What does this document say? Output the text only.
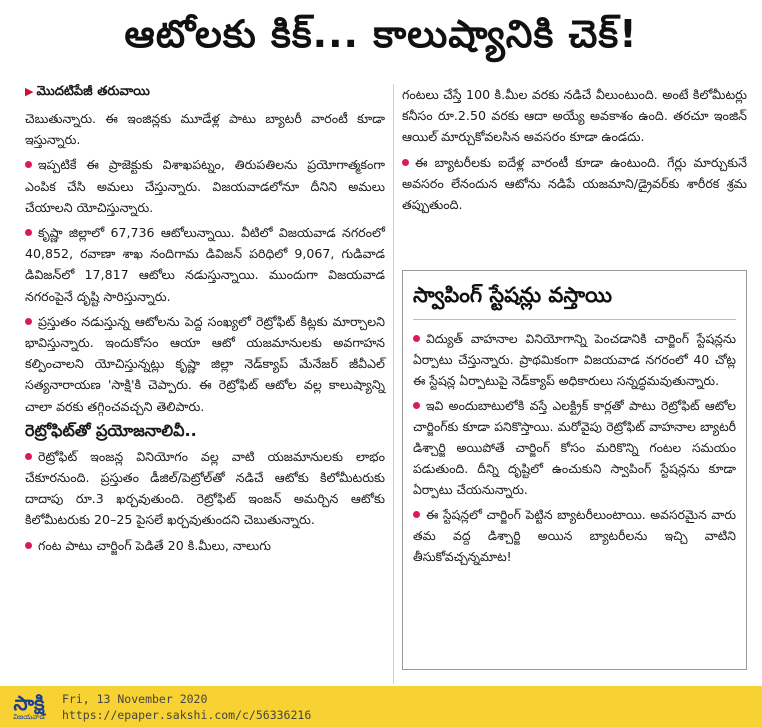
ఆటోలకు కిక్... కాలుష్యానికి చెక్!
▶ మొదటిపేజీ తరువాయి

చెబుతున్నారు. ఈ ఇంజిన్లకు మూడేళ్ల పాటు బ్యాటరీ వారంటీ కూడా ఇస్తున్నారు.

ఇప్పటికే ఈ ప్రాజెక్టుకు విశాఖపట్నం, తిరుపతిలను ప్రయోగాత్మకంగా ఎంపిక చేసి అమలు చేస్తున్నారు. విజయవాడలోనూ దీనిని అమలు చేయాలని యోచిస్తున్నారు.

కృష్ణా జిల్లాలో 67,736 ఆటోలున్నాయి. వీటిలో విజయవాడ నగరంలో 40,852, రవాణా శాఖ నందిగామ డివిజన్ పరిధిలో 9,067, గుడివాడ డివిజన్‌లో 17,817 ఆటోలు నడుస్తున్నాయి. ముందుగా విజయవాడ నగరంపైనే దృష్టి సారిస్తున్నారు.

ప్రస్తుతం నడుస్తున్న ఆటోలను పెద్ద సంఖ్యలో రెట్రోఫిట్ కిట్లకు మార్చాలని భావిస్తున్నారు. ఇందుకోసం ఆయా ఆటో యజమానులకు అవగాహన కల్పించాలని యోచిస్తున్నట్లు కృష్ణా జిల్లా నెడ్‌క్యాప్ మేనేజర్ జీవీఎల్ సత్యనారాయణ 'సాక్షి'కి చెప్పారు. ఈ రెట్రోఫిట్ ఆటోల వల్ల కాలుష్యాన్ని చాలా వరకు తగ్గించవచ్చని తెలిపారు.

రెట్రోఫిట్‌తో ప్రయోజనాలివీ..

రెట్రోఫిట్ ఇంజన్ల వినియోగం వల్ల వాటి యజమానులకు లాభం చేకూరనుంది. ప్రస్తుతం డీజిల్/పెట్రోల్‌తో నడిచే ఆటోకు కిలోమీటరుకు దాదాపు రూ.3 ఖర్చవుతుంది. రెట్రోఫిట్ ఇంజన్ అమర్చిన ఆటోకు కిలోమీటరుకు 20–25 పైసలే ఖర్చవుతుందని చెబుతున్నారు.

గంట పాటు చార్జింగ్ పెడితే 20 కి.మీలు, నాలుగు

గంటలు చేస్తే 100 కి.మీల వరకు నడిచే వీలుంటుంది. అంటే కిలోమీటర్లు కనీసం రూ.2.50 వరకు ఆదా అయ్యే అవకాశం ఉంది. తరచూ ఇంజిన్ ఆయిల్ మార్చుకోవలసిన అవసరం కూడా ఉండదు.

ఈ బ్యాటరీలకు ఐదేళ్ల వారంటీ కూడా ఉంటుంది. గేర్లు మార్చుకునే అవసరం లేనందున ఆటోను నడిపే యజమాని/డ్రైవర్‌కు శారీరక శ్రమ తప్పుతుంది.

స్వాపింగ్ స్టేషన్లు వస్తాయి

విద్యుత్ వాహనాల వినియోగాన్ని పెంచడానికి చార్జింగ్ స్టేషన్లను ఏర్పాటు చేస్తున్నారు. ప్రాథమికంగా విజయవాడ నగరంలో 40 చోట్ల ఈ స్టేషన్ల ఏర్పాటుపై నెడ్‌క్యాప్ అధికారులు సన్నద్ధమవుతున్నారు.

ఇవి అందుబాటులోకి వస్తే ఎలక్ట్రిక్ కార్లతో పాటు రెట్రోఫిట్ ఆటోల చార్జింగ్‌కు కూడా పనికొస్తాయి. మరోవైపు రెట్రోఫిట్ వాహనాల బ్యాటరీ డిశ్చార్జి అయిపోతే చార్జింగ్ కోసం మరికొన్ని గంటల సమయం పడుతుంది. దీన్ని దృష్టిలో ఉంచుకుని స్వాపింగ్ స్టేషన్లను కూడా ఏర్పాటు చేయనున్నారు.

ఈ స్టేషన్లలో చార్జింగ్ పెట్టిన బ్యాటరీలుంటాయి. అవసరమైన వారు తమ వద్ద డిశ్చార్జి అయిన బ్యాటరీలను ఇచ్చి వాటిని తీసుకోవచ్చన్నమాట!

సాక్షి
విజయవాడ
Fri, 13 November 2020
https://epaper.sakshi.com/c/56336216
